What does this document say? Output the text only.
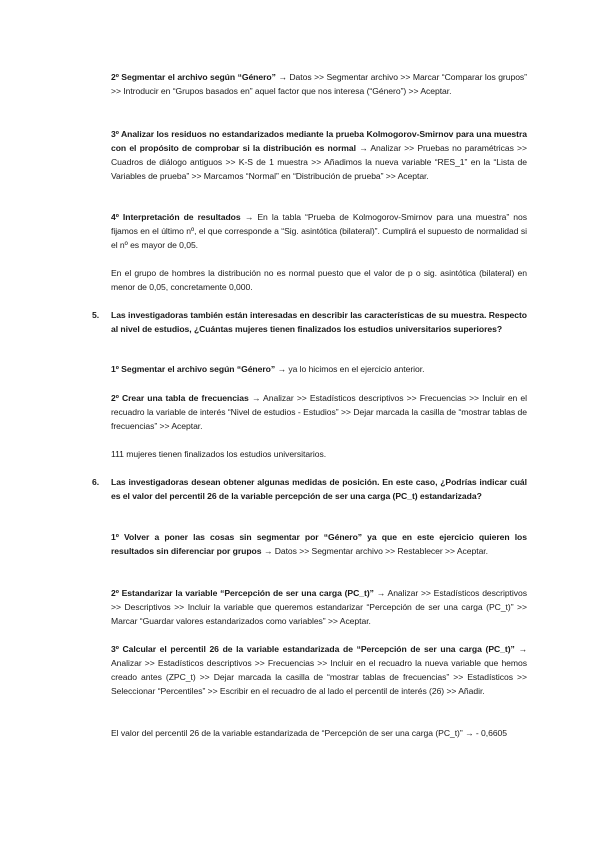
2º Segmentar el archivo según “Género” → Datos >> Segmentar archivo >> Marcar “Comparar los grupos” >> Introducir en “Grupos basados en” aquel factor que nos interesa (“Género”) >> Aceptar.

3º Analizar los residuos no estandarizados mediante la prueba Kolmogorov-Smirnov para una muestra con el propósito de comprobar si la distribución es normal → Analizar >> Pruebas no paramétricas >> Cuadros de diálogo antiguos >> K-S de 1 muestra >> Añadimos la nueva variable “RES_1” en la “Lista de Variables de prueba” >> Marcamos “Normal” en “Distribución de prueba” >> Aceptar.

4º Interpretación de resultados → En la tabla “Prueba de Kolmogorov-Smirnov para una muestra” nos fijamos en el último nº, el que corresponde a “Sig. asintótica (bilateral)”. Cumplirá el supuesto de normalidad si el nº es mayor de 0,05.

En el grupo de hombres la distribución no es normal puesto que el valor de p o sig. asintótica (bilateral) en menor de 0,05, concretamente 0,000.

5. Las investigadoras también están interesadas en describir las características de su muestra. Respecto al nivel de estudios, ¿Cuántas mujeres tienen finalizados los estudios universitarios superiores?

1º Segmentar el archivo según “Género” → ya lo hicimos en el ejercicio anterior.

2º Crear una tabla de frecuencias → Analizar >> Estadísticos descriptivos >> Frecuencias >> Incluir en el recuadro la variable de interés “Nivel de estudios - Estudios” >> Dejar marcada la casilla de “mostrar tablas de frecuencias” >> Aceptar.

111 mujeres tienen finalizados los estudios universitarios.

6. Las investigadoras desean obtener algunas medidas de posición. En este caso, ¿Podrías indicar cuál es el valor del percentil 26 de la variable percepción de ser una carga (PC_t) estandarizada?

1º Volver a poner las cosas sin segmentar por “Género” ya que en este ejercicio quieren los resultados sin diferenciar por grupos → Datos >> Segmentar archivo >> Restablecer >> Aceptar.

2º Estandarizar la variable “Percepción de ser una carga (PC_t)” → Analizar >> Estadísticos descriptivos >> Descriptivos >> Incluir la variable que queremos estandarizar “Percepción de ser una carga (PC_t)” >> Marcar “Guardar valores estandarizados como variables” >> Aceptar.

3º Calcular el percentil 26 de la variable estandarizada de “Percepción de ser una carga (PC_t)” → Analizar >> Estadísticos descriptivos >> Frecuencias >> Incluir en el recuadro la nueva variable que hemos creado antes (ZPC_t) >> Dejar marcada la casilla de “mostrar tablas de frecuencias” >> Estadísticos >> Seleccionar “Percentiles” >> Escribir en el recuadro de al lado el percentil de interés (26) >> Añadir.

El valor del percentil 26 de la variable estandarizada de “Percepción de ser una carga (PC_t)” → - 0,6605
